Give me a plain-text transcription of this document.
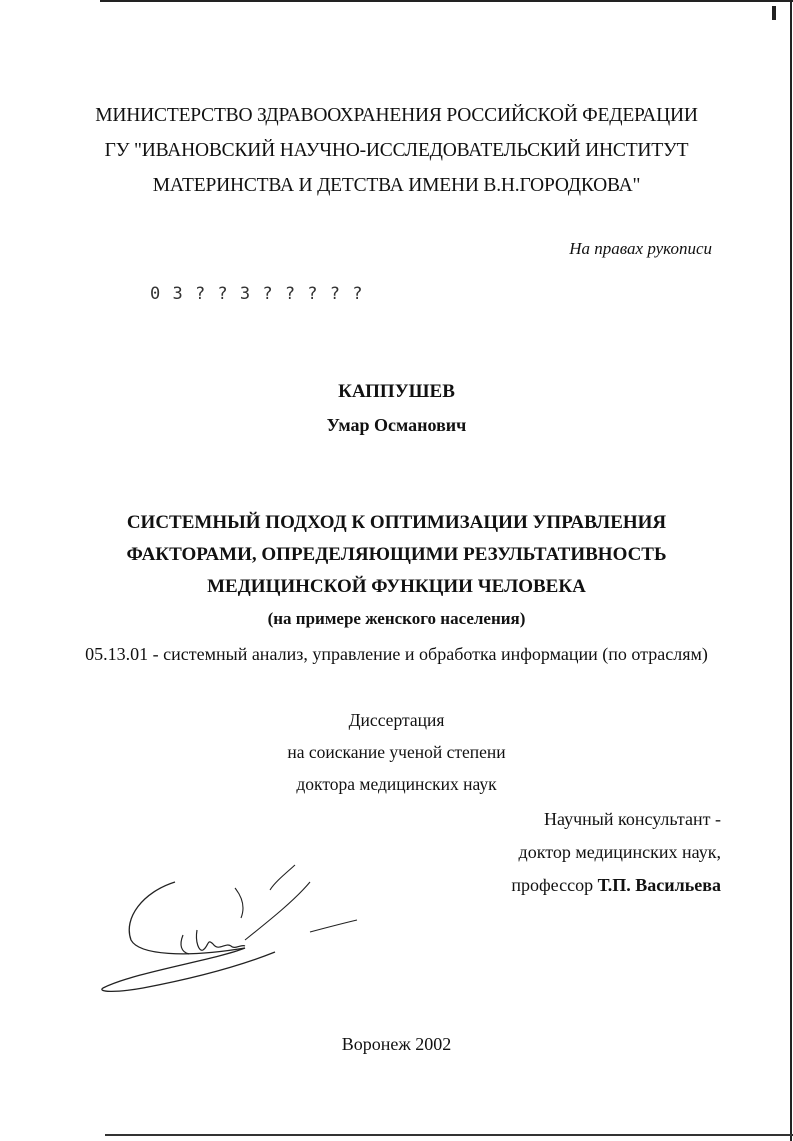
МИНИСТЕРСТВО ЗДРАВООХРАНЕНИЯ РОССИЙСКОЙ ФЕДЕРАЦИИ
ГУ "ИВАНОВСКИЙ НАУЧНО-ИССЛЕДОВАТЕЛЬСКИЙ ИНСТИТУТ
МАТЕРИНСТВА И ДЕТСТВА ИМЕНИ В.Н.ГОРОДКОВА"
На правах рукописи
0 3 ? ? 3 ? ? ? ? ?
КАППУШЕВ
Умар Османович
СИСТЕМНЫЙ ПОДХОД К ОПТИМИЗАЦИИ УПРАВЛЕНИЯ
ФАКТОРАМИ, ОПРЕДЕЛЯЮЩИМИ РЕЗУЛЬТАТИВНОСТЬ
МЕДИЦИНСКОЙ ФУНКЦИИ ЧЕЛОВЕКА
(на примере женского населения)
05.13.01 - системный анализ, управление и обработка информации (по отраслям)
Диссертация
на соискание ученой степени
доктора медицинских наук
Научный консультант -
доктор медицинских наук,
профессор Т.П. Васильева
Воронеж 2002
